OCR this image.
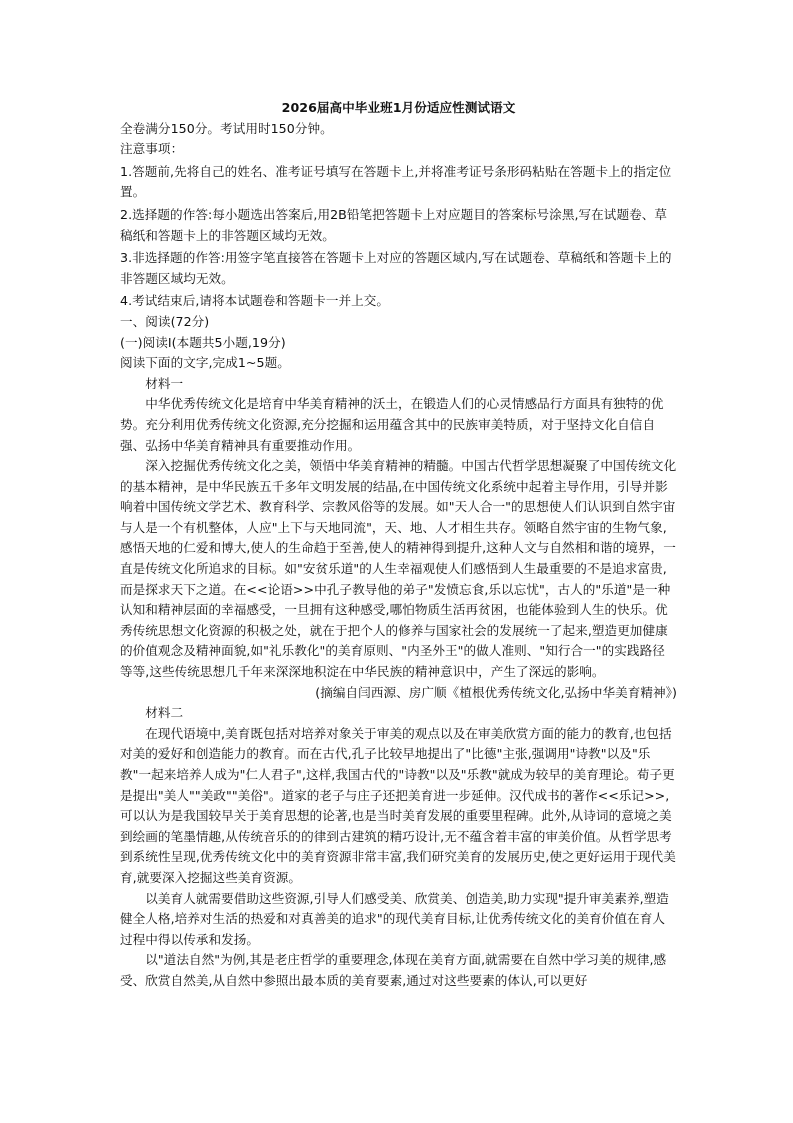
2026届高中毕业班1月份适应性测试语文

全卷满分150分。考试用时150分钟。

注意事项：

1.答题前,先将自己的姓名、准考证号填写在答题卡上,并将准考证号条形码粘贴在答题卡上的指定位置。

2.选择题的作答:每小题选出答案后,用2B铅笔把答题卡上对应题目的答案标号涂黑,写在试题卷、草稿纸和答题卡上的非答题区域均无效。

3.非选择题的作答:用签字笔直接答在答题卡上对应的答题区域内,写在试题卷、草稿纸和答题卡上的非答题区域均无效。

4.考试结束后,请将本试题卷和答题卡一并上交。

一、阅读(72分)

(一)阅读Ⅰ(本题共5小题,19分)

阅读下面的文字,完成1~5题。

材料一

中华优秀传统文化是培育中华美育精神的沃土，在锻造人们的心灵情感品行方面具有独特的优势。充分利用优秀传统文化资源,充分挖掘和运用蕴含其中的民族审美特质，对于坚持文化自信自强、弘扬中华美育精神具有重要推动作用。

深入挖掘优秀传统文化之美，领悟中华美育精神的精髓。中国古代哲学思想凝聚了中国传统文化的基本精神，是中华民族五千多年文明发展的结晶,在中国传统文化系统中起着主导作用，引导并影响着中国传统文学艺术、教育科学、宗教风俗等的发展。如"天人合一"的思想使人们认识到自然宇宙与人是一个有机整体，人应"上下与天地同流"，天、地、人才相生共存。领略自然宇宙的生物气象,感悟天地的仁爱和博大,使人的生命趋于至善,使人的精神得到提升,这种人文与自然相和谐的境界，一直是传统文化所追求的目标。如"安贫乐道"的人生幸福观使人们感悟到人生最重要的不是追求富贵,而是探求天下之道。在<<论语>>中孔子教导他的弟子"发愤忘食,乐以忘忧"，古人的"乐道"是一种认知和精神层面的幸福感受，一旦拥有这种感受,哪怕物质生活再贫困，也能体验到人生的快乐。优秀传统思想文化资源的积极之处，就在于把个人的修养与国家社会的发展统一了起来,塑造更加健康的价值观念及精神面貌,如"礼乐教化"的美育原则、"内圣外王"的做人准则、"知行合一"的实践路径等等,这些传统思想几千年来深深地积淀在中华民族的精神意识中，产生了深远的影响。

(摘编自闫西源、房广顺《植根优秀传统文化,弘扬中华美育精神》)

材料二

在现代语境中,美育既包括对培养对象关于审美的观点以及在审美欣赏方面的能力的教育,也包括对美的爱好和创造能力的教育。而在古代,孔子比较早地提出了"比德"主张,强调用"诗教"以及"乐教"一起来培养人成为"仁人君子",这样,我国古代的"诗教"以及"乐教"就成为较早的美育理论。荀子更是提出"美人""美政""美俗"。道家的老子与庄子还把美育进一步延伸。汉代成书的著作<<乐记>>,可以认为是我国较早关于美育思想的论著,也是当时美育发展的重要里程碑。此外,从诗词的意境之美到绘画的笔墨情趣,从传统音乐的的律到古建筑的精巧设计,无不蕴含着丰富的审美价值。从哲学思考到系统性呈现,优秀传统文化中的美育资源非常丰富,我们研究美育的发展历史,使之更好运用于现代美育,就要深入挖掘这些美育资源。

以美育人就需要借助这些资源,引导人们感受美、欣赏美、创造美,助力实现"提升审美素养,塑造健全人格,培养对生活的热爱和对真善美的追求"的现代美育目标,让优秀传统文化的美育价值在育人过程中得以传承和发扬。

以"道法自然"为例,其是老庄哲学的重要理念,体现在美育方面,就需要在自然中学习美的规律,感受、欣赏自然美,从自然中参照出最本质的美育要素,通过对这些要素的体认,可以更好
